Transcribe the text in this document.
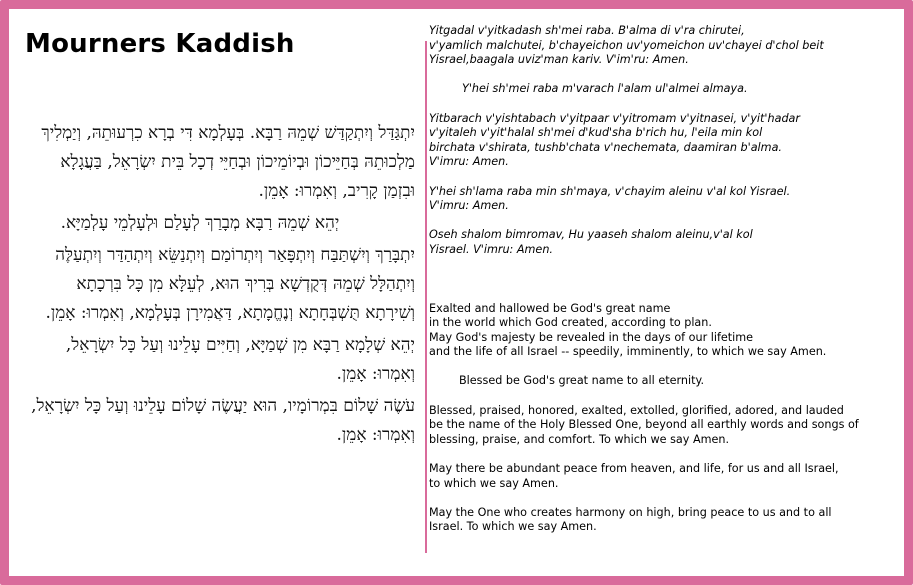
Mourners Kaddish

יִתְגַּדַּל וְיִתְקַדַּשׁ שְׁמֵהּ רַבָּא. בְּעָלְמָא דִּי בְרָא כִרְעוּתֵהּ, וְיַמְלִיךְ מַלְכוּתֵהּ בְּחַיֵּיכוֹן וּבְיוֹמֵיכוֹן וּבְחַיֵּי דְכָל בֵּית יִשְׂרָאֵל, בַּעֲגָלָא וּבִזְמַן קָרִיב, וְאִמְרוּ: אָמֵן.

יְהֵא שְׁמֵהּ רַבָּא מְבָרַךְ לְעָלַם וּלְעָלְמֵי עָלְמַיָּא.

יִתְבָּרַךְ וְיִשְׁתַּבַּח וְיִתְפָּאַר וְיִתְרוֹמַם וְיִתְנַשֵּׂא וְיִתְהַדַּר וְיִתְעַלֶּה וְיִתְהַלָּל שְׁמֵהּ דְּקֻדְשָׁא בְּרִיךְ הוּא, לְעֵלָּא מִן כָּל בִּרְכָתָא וְשִׁירָתָא תֻּשְׁבְּחָתָא וְנֶחֱמָתָא, דַּאֲמִירָן בְּעָלְמָא, וְאִמְרוּ: אָמֵן.

יְהֵא שְׁלָמָא רַבָּא מִן שְׁמַיָּא, וְחַיִּים עָלֵינוּ וְעַל כָּל יִשְׂרָאֵל, וְאִמְרוּ: אָמֵן.

עֹשֶׂה שָׁלוֹם בִּמְרוֹמָיו, הוּא יַעֲשֶׂה שָׁלוֹם עָלֵינוּ וְעַל כָּל יִשְׂרָאֵל, וְאִמְרוּ: אָמֵן.

Yitgadal v'yitkadash sh'mei raba. B'alma di v'ra chirutei,

v'yamlich malchutei, b'chayeichon uv'yomeichon uv'chayei d'chol beit

Yisrael,baagala uviz'man kariv. V'im'ru: Amen.

Y'hei sh'mei raba m'varach l'alam ul'almei almaya.

Yitbarach v'yishtabach v'yitpaar v'yitromam v'yitnasei, v'yit'hadar

v'yitaleh v'yit'halal sh'mei d'kud'sha b'rich hu, l'eila min kol

birchata v'shirata, tushb'chata v'nechemata, daamiran b'alma.

V'imru: Amen.

Y'hei sh'lama raba min sh'maya, v'chayim aleinu v'al kol Yisrael.

V'imru: Amen.

Oseh shalom bimromav, Hu yaaseh shalom aleinu,v'al kol

Yisrael. V'imru: Amen.

Exalted and hallowed be God's great name

in the world which God created, according to plan.

May God's majesty be revealed in the days of our lifetime

and the life of all Israel -- speedily, imminently, to which we say Amen.

Blessed be God's great name to all eternity.

Blessed, praised, honored, exalted, extolled, glorified, adored, and lauded

be the name of the Holy Blessed One, beyond all earthly words and songs of

blessing, praise, and comfort. To which we say Amen.

May there be abundant peace from heaven, and life, for us and all Israel,

to which we say Amen.

May the One who creates harmony on high, bring peace to us and to all

Israel. To which we say Amen.
